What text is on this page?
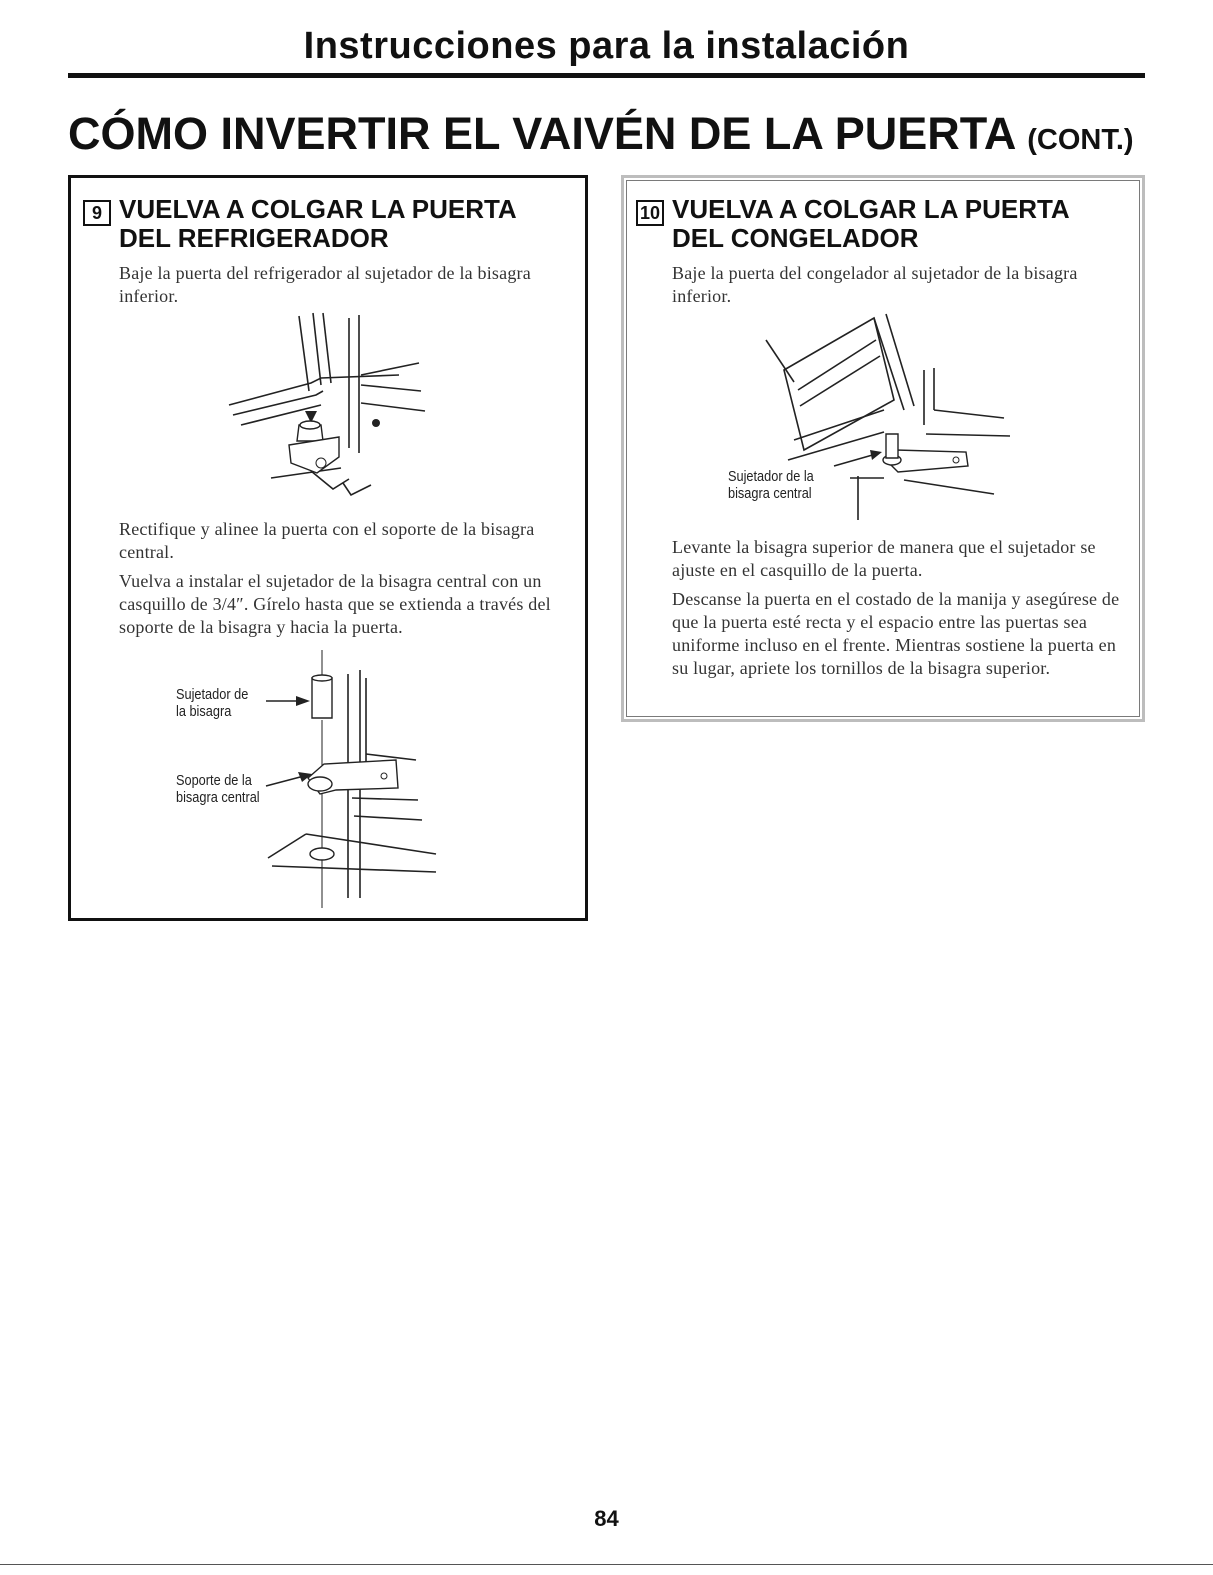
Instrucciones para la instalación
CÓMO INVERTIR EL VAIVÉN DE LA PUERTA (CONT.)
9 VUELVA A COLGAR LA PUERTA
DEL REFRIGERADOR
Baje la puerta del refrigerador al sujetador de la bisagra inferior.
Rectifique y alinee la puerta con el soporte de la bisagra central.
Vuelva a instalar el sujetador de la bisagra central con un casquillo de 3/4″. Gírelo hasta que se extienda a través del soporte de la bisagra y hacia la puerta.
Sujetador de
la bisagra
Soporte de la
bisagra central
10 VUELVA A COLGAR LA PUERTA
DEL CONGELADOR
Baje la puerta del congelador al sujetador de la bisagra inferior.
Sujetador de la
bisagra central
Levante la bisagra superior de manera que el sujetador se ajuste en el casquillo de la puerta.
Descanse la puerta en el costado de la manija y asegúrese de que la puerta esté recta y el espacio entre las puertas sea uniforme incluso en el frente. Mientras sostiene la puerta en su lugar, apriete los tornillos de la bisagra superior.
84
